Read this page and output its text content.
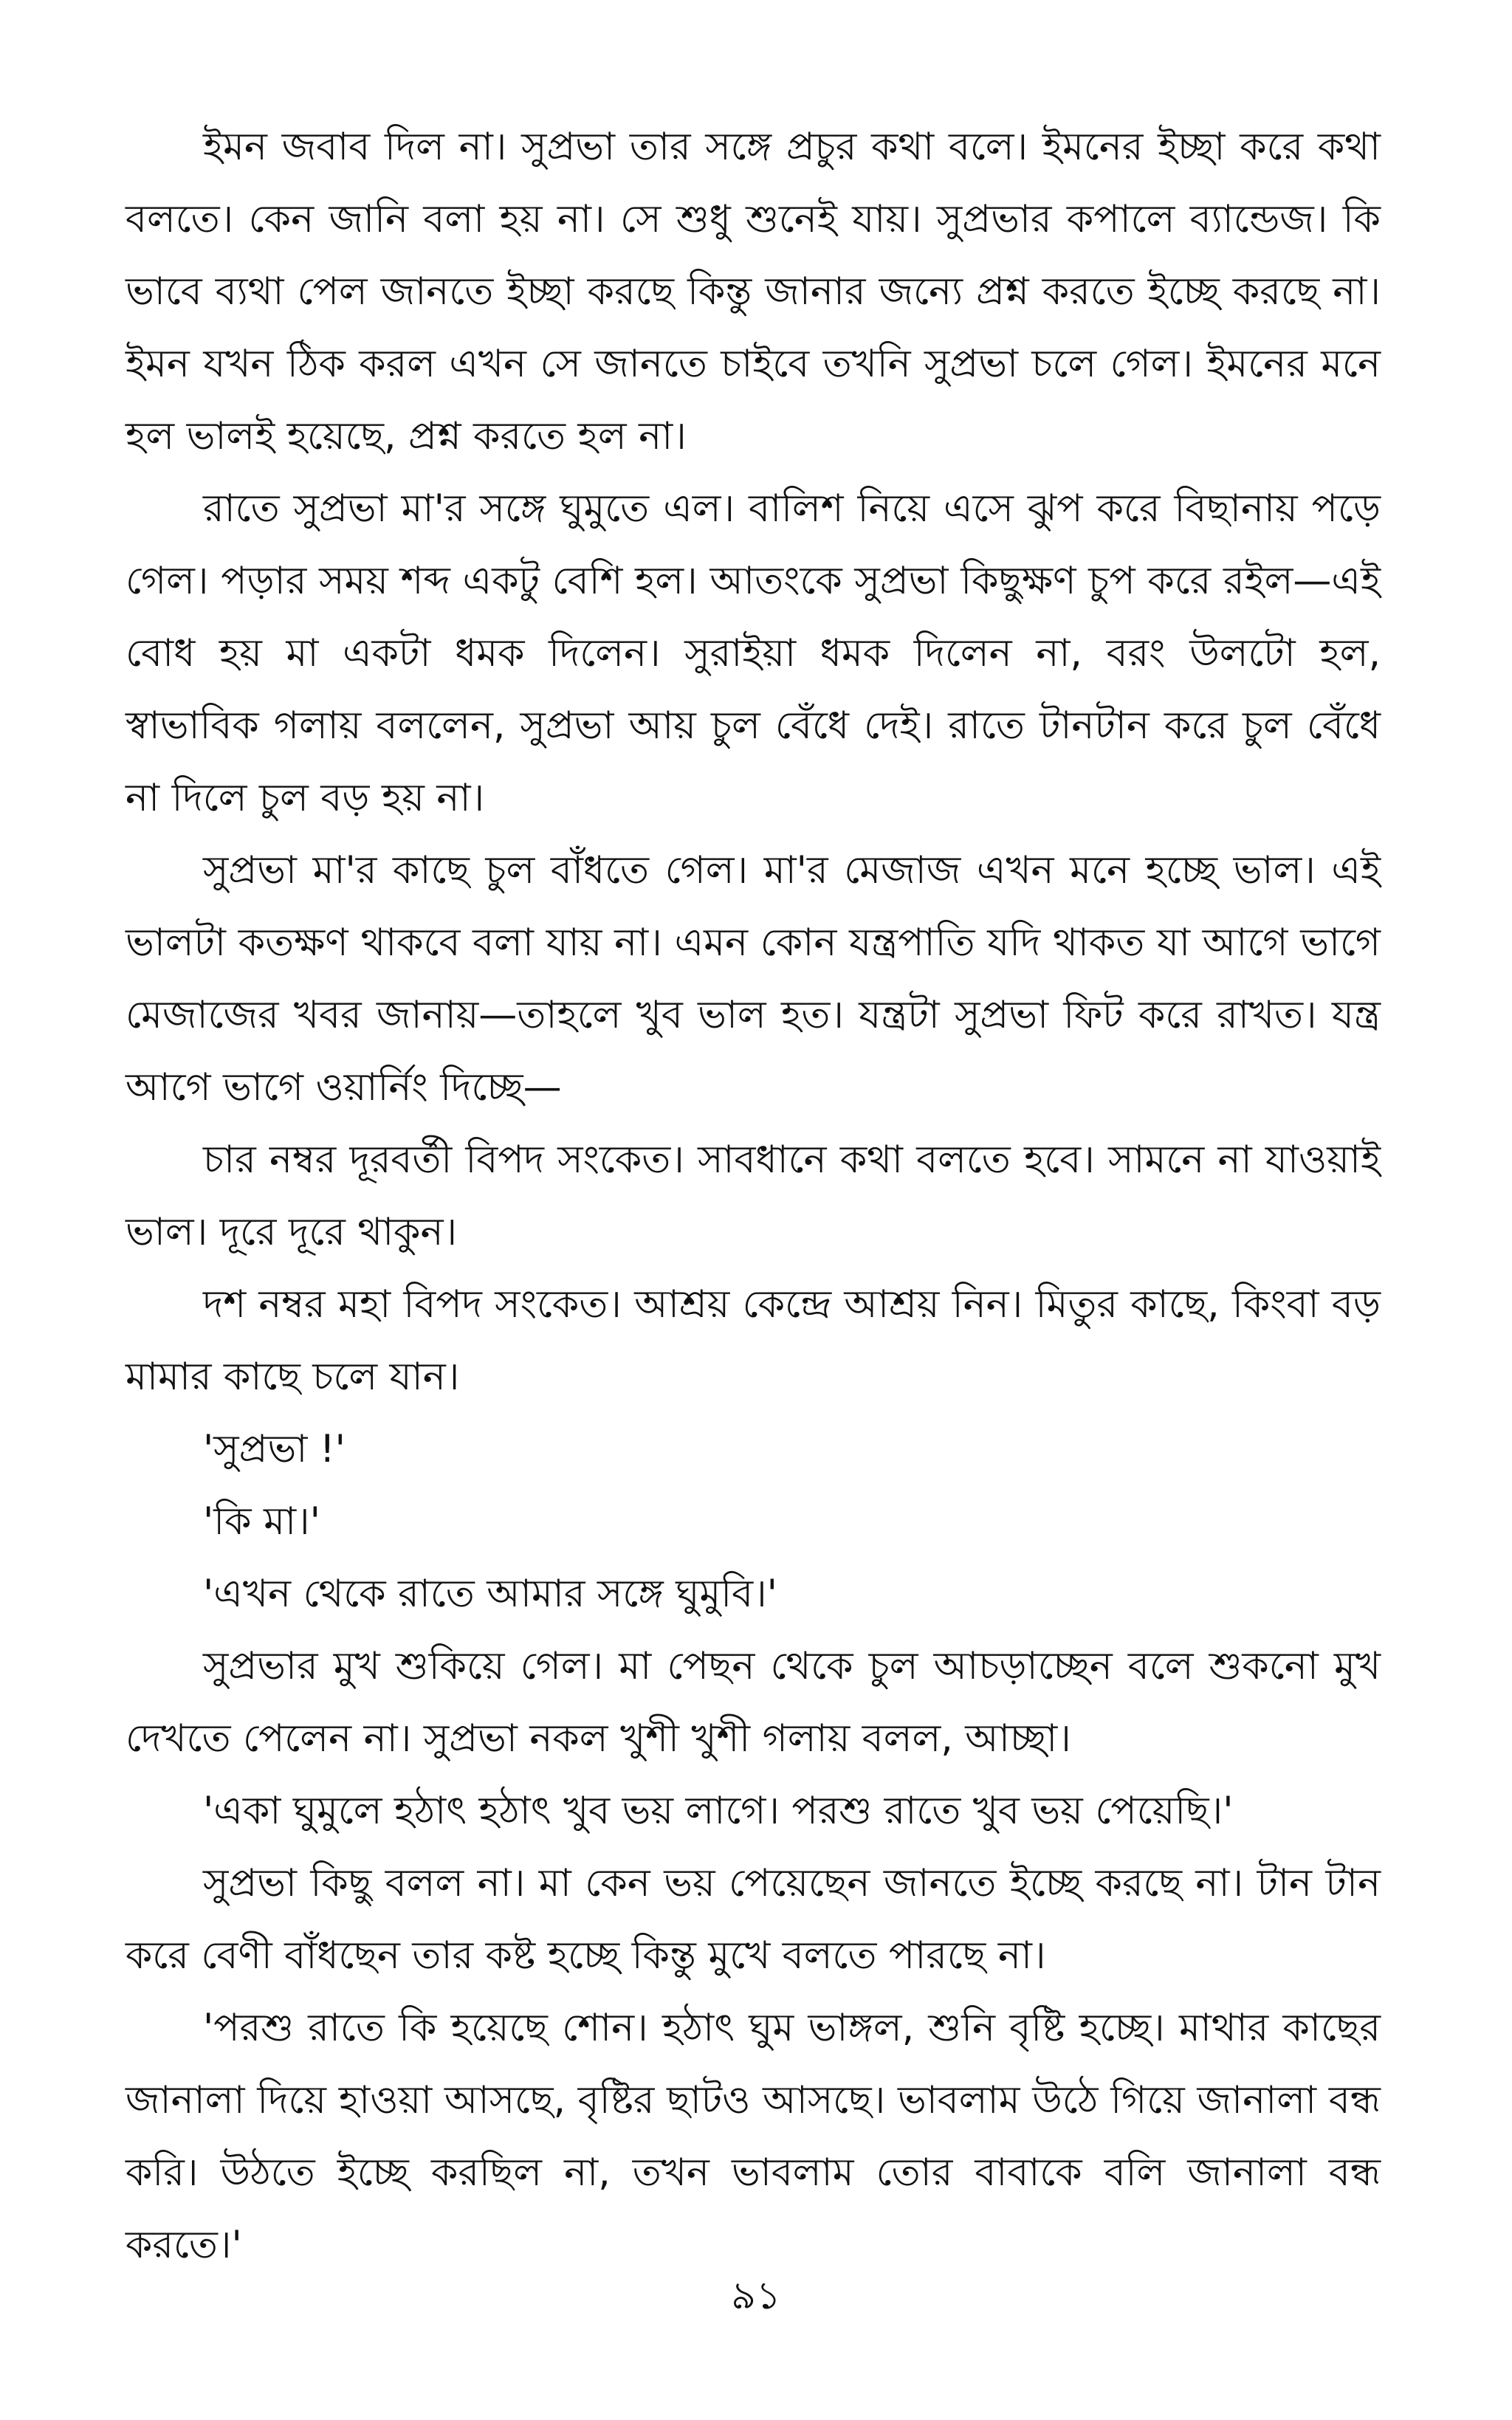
ইমন জবাব দিল না। সুপ্রভা তার সঙ্গে প্রচুর কথা বলে। ইমনের ইচ্ছা করে কথা বলতে। কেন জানি বলা হয় না। সে শুধু শুনেই যায়। সুপ্রভার কপালে ব্যান্ডেজ। কি ভাবে ব্যথা পেল জানতে ইচ্ছা করছে কিন্তু জানার জন্যে প্রশ্ন করতে ইচ্ছে করছে না। ইমন যখন ঠিক করল এখন সে জানতে চাইবে তখনি সুপ্রভা চলে গেল। ইমনের মনে হল ভালই হয়েছে, প্রশ্ন করতে হল না।

রাতে সুপ্রভা মা'র সঙ্গে ঘুমুতে এল। বালিশ নিয়ে এসে ঝুপ করে বিছানায় পড়ে গেল। পড়ার সময় শব্দ একটু বেশি হল। আতংকে সুপ্রভা কিছুক্ষণ চুপ করে রইল—এই বোধ হয় মা একটা ধমক দিলেন। সুরাইয়া ধমক দিলেন না, বরং উলটো হল, স্বাভাবিক গলায় বললেন, সুপ্রভা আয় চুল বেঁধে দেই। রাতে টানটান করে চুল বেঁধে না দিলে চুল বড় হয় না।

সুপ্রভা মা'র কাছে চুল বাঁধতে গেল। মা'র মেজাজ এখন মনে হচ্ছে ভাল। এই ভালটা কতক্ষণ থাকবে বলা যায় না। এমন কোন যন্ত্রপাতি যদি থাকত যা আগে ভাগে মেজাজের খবর জানায়—তাহলে খুব ভাল হত। যন্ত্রটা সুপ্রভা ফিট করে রাখত। যন্ত্র আগে ভাগে ওয়ার্নিং দিচ্ছে—

চার নম্বর দূরবর্তী বিপদ সংকেত। সাবধানে কথা বলতে হবে। সামনে না যাওয়াই ভাল। দূরে দূরে থাকুন।

দশ নম্বর মহা বিপদ সংকেত। আশ্রয় কেন্দ্রে আশ্রয় নিন। মিতুর কাছে, কিংবা বড় মামার কাছে চলে যান।

'সুপ্রভা !'

'কি মা।'

'এখন থেকে রাতে আমার সঙ্গে ঘুমুবি।'

সুপ্রভার মুখ শুকিয়ে গেল। মা পেছন থেকে চুল আচড়াচ্ছেন বলে শুকনো মুখ দেখতে পেলেন না। সুপ্রভা নকল খুশী খুশী গলায় বলল, আচ্ছা।

'একা ঘুমুলে হঠাৎ হঠাৎ খুব ভয় লাগে। পরশু রাতে খুব ভয় পেয়েছি।'

সুপ্রভা কিছু বলল না। মা কেন ভয় পেয়েছেন জানতে ইচ্ছে করছে না। টান টান করে বেণী বাঁধছেন তার কষ্ট হচ্ছে কিন্তু মুখে বলতে পারছে না।

'পরশু রাতে কি হয়েছে শোন। হঠাৎ ঘুম ভাঙ্গল, শুনি বৃষ্টি হচ্ছে। মাথার কাছের জানালা দিয়ে হাওয়া আসছে, বৃষ্টির ছাটও আসছে। ভাবলাম উঠে গিয়ে জানালা বন্ধ করি। উঠতে ইচ্ছে করছিল না, তখন ভাবলাম তোর বাবাকে বলি জানালা বন্ধ করতে।'

৯১
